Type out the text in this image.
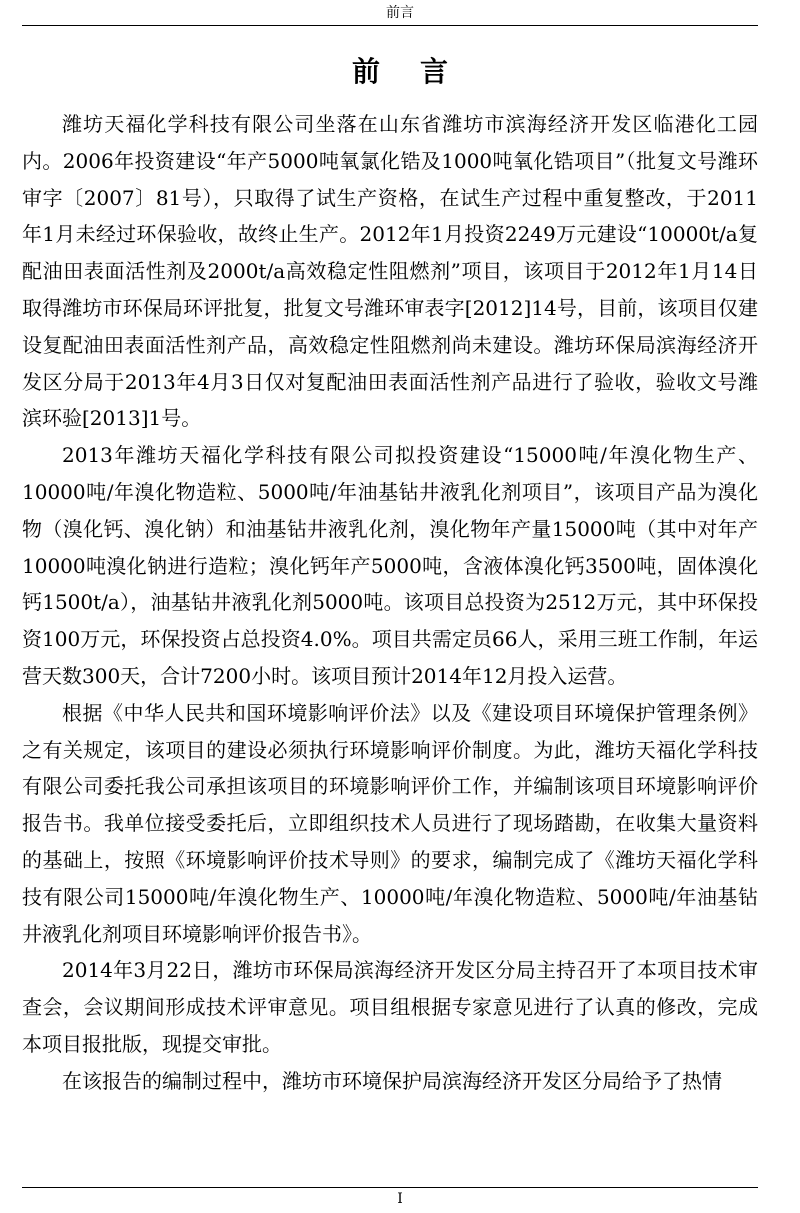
前言
前言

潍坊天福化学科技有限公司坐落在山东省潍坊市滨海经济开发区临港化工园内。2006年投资建设“年产5000吨氧氯化锆及1000吨氧化锆项目”（批复文号潍环审字〔2007〕81号），只取得了试生产资格，在试生产过程中重复整改，于2011年1月未经过环保验收，故终止生产。2012年1月投资2249万元建设“10000t/a复配油田表面活性剂及2000t/a高效稳定性阻燃剂”项目，该项目于2012年1月14日取得潍坊市环保局环评批复，批复文号潍环审表字[2012]14号，目前，该项目仅建设复配油田表面活性剂产品，高效稳定性阻燃剂尚未建设。潍坊环保局滨海经济开发区分局于2013年4月3日仅对复配油田表面活性剂产品进行了验收，验收文号潍滨环验[2013]1号。

2013年潍坊天福化学科技有限公司拟投资建设“15000吨/年溴化物生产、10000吨/年溴化物造粒、5000吨/年油基钻井液乳化剂项目”，该项目产品为溴化物（溴化钙、溴化钠）和油基钻井液乳化剂，溴化物年产量15000吨（其中对年产10000吨溴化钠进行造粒；溴化钙年产5000吨，含液体溴化钙3500吨，固体溴化钙1500t/a），油基钻井液乳化剂5000吨。该项目总投资为2512万元，其中环保投资100万元，环保投资占总投资4.0%。项目共需定员66人，采用三班工作制，年运营天数300天，合计7200小时。该项目预计2014年12月投入运营。

根据《中华人民共和国环境影响评价法》以及《建设项目环境保护管理条例》之有关规定，该项目的建设必须执行环境影响评价制度。为此，潍坊天福化学科技有限公司委托我公司承担该项目的环境影响评价工作，并编制该项目环境影响评价报告书。我单位接受委托后，立即组织技术人员进行了现场踏勘，在收集大量资料的基础上，按照《环境影响评价技术导则》的要求，编制完成了《潍坊天福化学科技有限公司15000吨/年溴化物生产、10000吨/年溴化物造粒、5000吨/年油基钻井液乳化剂项目环境影响评价报告书》。

2014年3月22日，潍坊市环保局滨海经济开发区分局主持召开了本项目技术审查会，会议期间形成技术评审意见。项目组根据专家意见进行了认真的修改，完成本项目报批版，现提交审批。

在该报告的编制过程中，潍坊市环境保护局滨海经济开发区分局给予了热情

I
